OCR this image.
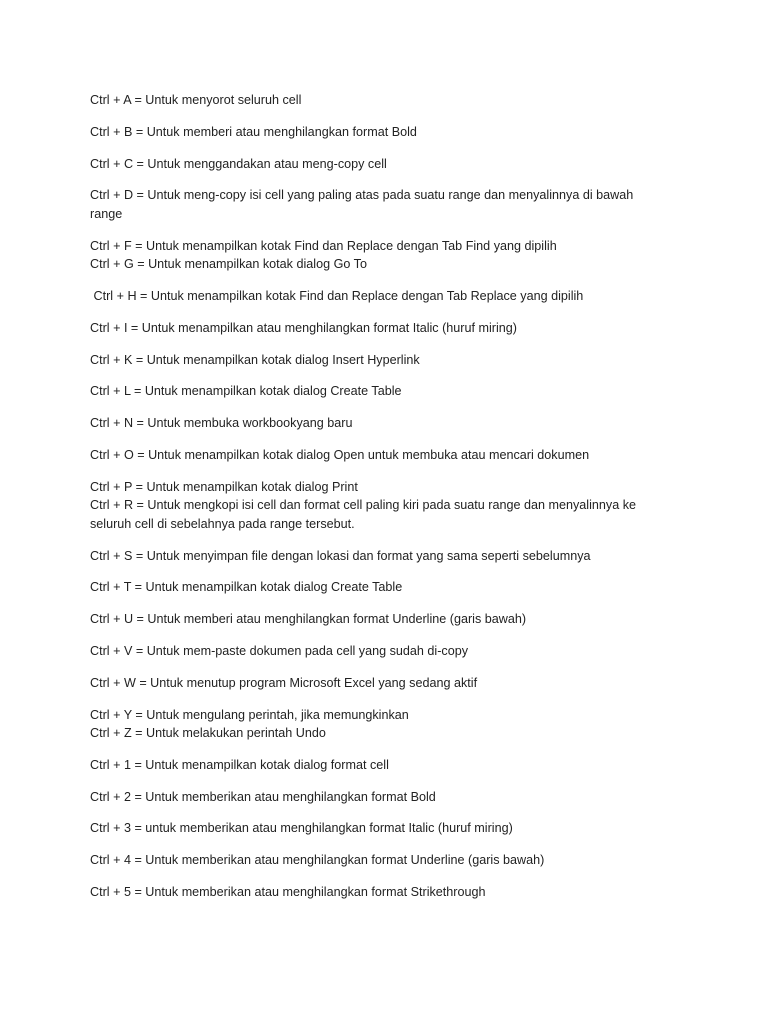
Ctrl + A = Untuk menyorot seluruh cell
Ctrl + B = Untuk memberi atau menghilangkan format Bold
Ctrl + C = Untuk menggandakan atau meng-copy cell
Ctrl + D = Untuk meng-copy isi cell yang paling atas pada suatu range dan menyalinnya di bawah
range
Ctrl + F = Untuk menampilkan kotak Find dan Replace dengan Tab Find yang dipilih
Ctrl + G = Untuk menampilkan kotak dialog Go To
Ctrl + H = Untuk menampilkan kotak Find dan Replace dengan Tab Replace yang dipilih
Ctrl + I = Untuk menampilkan atau menghilangkan format Italic (huruf miring)
Ctrl + K = Untuk menampilkan kotak dialog Insert Hyperlink
Ctrl + L = Untuk menampilkan kotak dialog Create Table
Ctrl + N = Untuk membuka workbookyang baru
Ctrl + O = Untuk menampilkan kotak dialog Open untuk membuka atau mencari dokumen
Ctrl + P = Untuk menampilkan kotak dialog Print
Ctrl + R = Untuk mengkopi isi cell dan format cell paling kiri pada suatu range dan menyalinnya ke
seluruh cell di sebelahnya pada range tersebut.
Ctrl + S = Untuk menyimpan file dengan lokasi dan format yang sama seperti sebelumnya
Ctrl + T = Untuk menampilkan kotak dialog Create Table
Ctrl + U = Untuk memberi atau menghilangkan format Underline (garis bawah)
Ctrl + V = Untuk mem-paste dokumen pada cell yang sudah di-copy
Ctrl + W = Untuk menutup program Microsoft Excel yang sedang aktif
Ctrl + Y = Untuk mengulang perintah, jika memungkinkan
Ctrl + Z = Untuk melakukan perintah Undo
Ctrl + 1 = Untuk menampilkan kotak dialog format cell
Ctrl + 2 = Untuk memberikan atau menghilangkan format Bold
Ctrl + 3 = untuk memberikan atau menghilangkan format Italic (huruf miring)
Ctrl + 4 = Untuk memberikan atau menghilangkan format Underline (garis bawah)
Ctrl + 5 = Untuk memberikan atau menghilangkan format Strikethrough
